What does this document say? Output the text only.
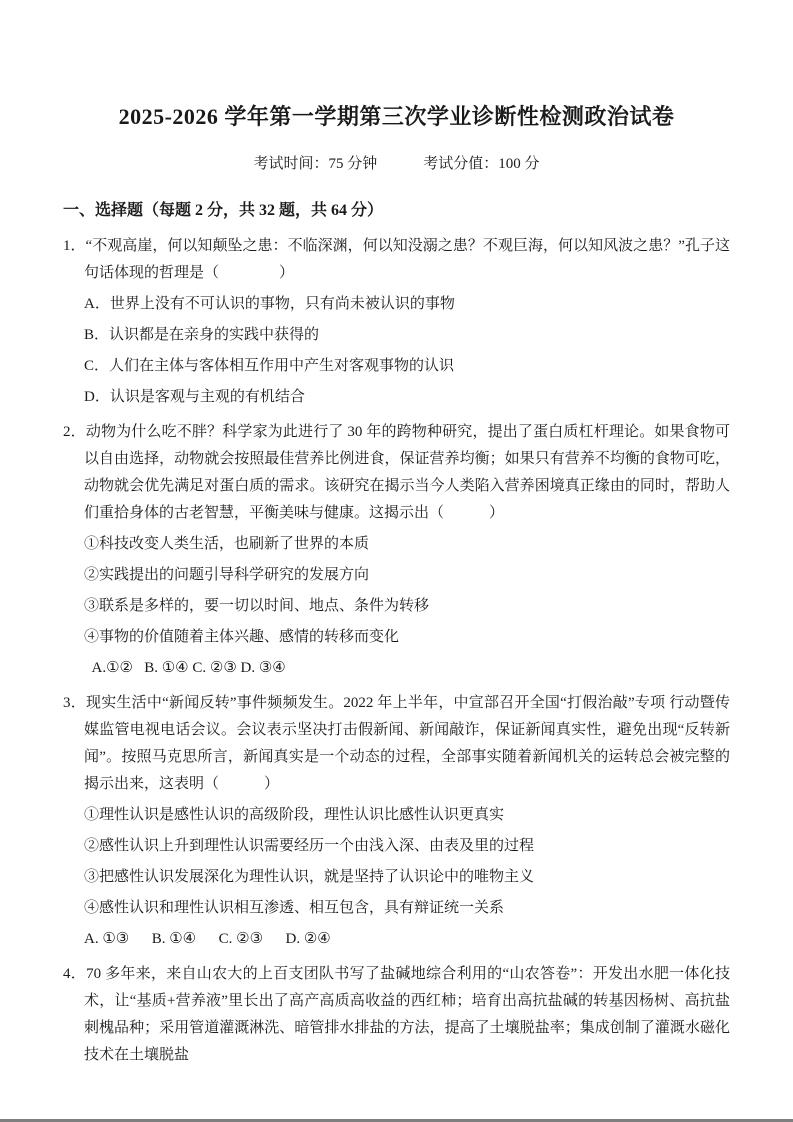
2025-2026 学年第一学期第三次学业诊断性检测政治试卷
考试时间：75 分钟	考试分值：100 分
一、选择题（每题 2 分，共 32 题，共 64 分）

1．“不观高崖，何以知颠坠之患：不临深渊，何以知没溺之患？不观巨海，何以知风波之患？”孔子这句话体现的哲理是（　　　　）

A．世界上没有不可认识的事物，只有尚未被认识的事物

B．认识都是在亲身的实践中获得的

C．人们在主体与客体相互作用中产生对客观事物的认识

D．认识是客观与主观的有机结合

2．动物为什么吃不胖？科学家为此进行了 30 年的跨物种研究，提出了蛋白质杠杆理论。如果食物可以自由选择，动物就会按照最佳营养比例进食，保证营养均衡；如果只有营养不均衡的食物可吃，动物就会优先满足对蛋白质的需求。该研究在揭示当今人类陷入营养困境真正缘由的同时，帮助人们重拾身体的古老智慧，平衡美味与健康。这揭示出（　　　）

①科技改变人类生活，也刷新了世界的本质

②实践提出的问题引导科学研究的发展方向

③联系是多样的，要一切以时间、地点、条件为转移

④事物的价值随着主体兴趣、感情的转移而变化

A.①②   B. ①④ C. ②③ D. ③④

3．现实生活中“新闻反转”事件频频发生。2022 年上半年，中宣部召开全国“打假治敲”专项 行动暨传媒监管电视电话会议。会议表示坚决打击假新闻、新闻敲诈，保证新闻真实性，避免出现“反转新闻”。按照马克思所言，新闻真实是一个动态的过程，全部事实随着新闻机关的运转总会被完整的揭示出来，这表明（　　　）

①理性认识是感性认识的高级阶段，理性认识比感性认识更真实

②感性认识上升到理性认识需要经历一个由浅入深、由表及里的过程

③把感性认识发展深化为理性认识，就是坚持了认识论中的唯物主义

④感性认识和理性认识相互渗透、相互包含，具有辩证统一关系

A. ①③      B. ①④      C. ②③      D. ②④

4．70 多年来，来自山农大的上百支团队书写了盐碱地综合利用的“山农答卷”：开发出水肥一体化技术，让“基质+营养液”里长出了高产高质高收益的西红柿；培育出高抗盐碱的转基因杨树、高抗盐刺槐品种；采用管道灌溉淋洗、暗管排水排盐的方法，提高了土壤脱盐率；集成创制了灌溉水磁化技术在土壤脱盐
